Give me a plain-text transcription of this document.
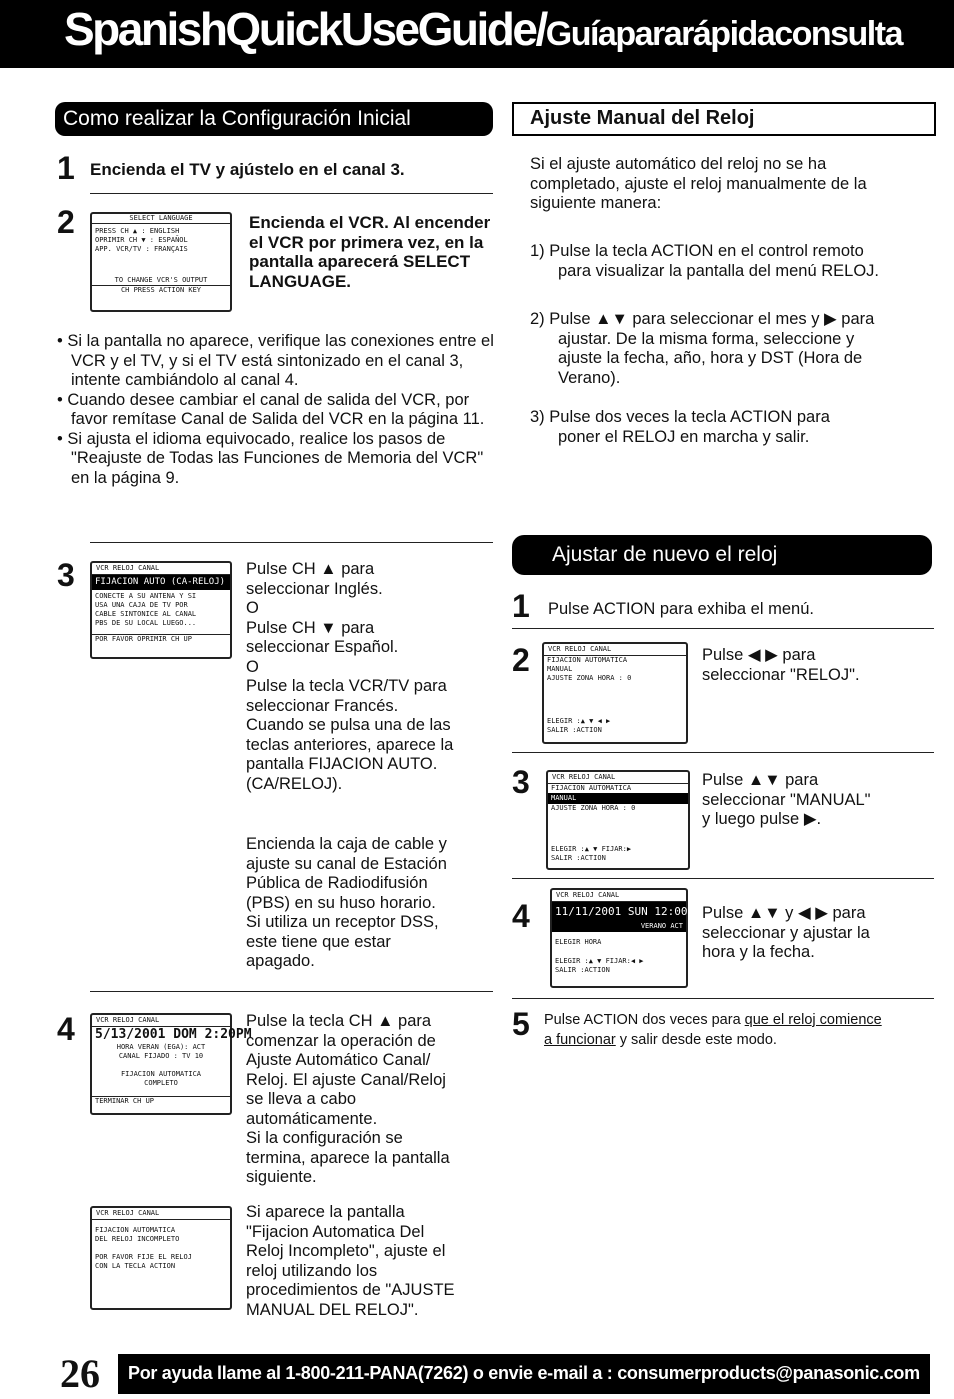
SpanishQuickUseGuide/Guíapararápidaconsulta
Como realizar la Configuración Inicial
1 Encienda el TV y ajústelo en el canal 3.
2	SELECT LANGUAGE
PRESS CH ▲ : ENGLISH
OPRIMIR CH ▼ : ESPAÑOL
APP. VCR/TV : FRANÇAIS
TO CHANGE VCR'S OUTPUT
CH PRESS ACTION KEY
Encienda el VCR. Al encender el VCR por primera vez, en la pantalla aparecerá SELECT LANGUAGE.

• Si la pantalla no aparece, verifique las conexiones entre el VCR y el TV, y si el TV está sintonizado en el canal 3, intente cambiándolo al canal 4.

• Cuando desee cambiar el canal de salida del VCR, por favor remítase Canal de Salida del VCR en la página 11.

• Si ajusta el idioma equivocado, realice los pasos de "Reajuste de Todas las Funciones de Memoria del VCR" en la página 9.

3	VCR RELOJ CANAL
FIJACION AUTO (CA-RELOJ)
CONECTE A SU ANTENA Y SI
USA UNA CAJA DE TV POR
CABLE SINTONICE AL CANAL
PBS DE SU LOCAL LUEGO...
POR FAVOR OPRIMIR CH UP

Pulse CH ▲ para

seleccionar Inglés.

O

Pulse CH ▼ para

seleccionar Español.

O

Pulse la tecla VCR/TV para

seleccionar Francés.

Cuando se pulsa una de las

teclas anteriores, aparece la

pantalla FIJACION AUTO.

(CA/RELOJ).

Encienda la caja de cable y

ajuste su canal de Estación

Pública de Radiodifusión

(PBS) en su huso horario.

Si utiliza un receptor DSS,

este tiene que estar

apagado.

4	VCR RELOJ CANAL
5/13/2001 DOM 2:20PM
HORA VERAN (EGA): ACT
CANAL FIJADO : TV 10
FIJACION AUTOMATICA
COMPLETO
TERMINAR CH UP

Pulse la tecla CH ▲ para

comenzar la operación de

Ajuste Automático Canal/

Reloj. El ajuste Canal/Reloj

se lleva a cabo

automáticamente.

Si la configuración se

termina, aparece la pantalla

siguiente.

VCR RELOJ CANAL
FIJACION AUTOMATICA
DEL RELOJ INCOMPLETO
POR FAVOR FIJE EL RELOJ
CON LA TECLA ACTION

Si aparece la pantalla

"Fijacion Automatica Del

Reloj Incompleto", ajuste el

reloj utilizando los

procedimientos de "AJUSTE

MANUAL DEL RELOJ".

Ajuste Manual del Reloj

Si el ajuste automático del reloj no se ha

completado, ajuste el reloj manualmente de la

siguiente manera:

1) Pulse la tecla ACTION en el control remoto

para visualizar la pantalla del menú RELOJ.

2) Pulse ▲▼ para seleccionar el mes y ▶ para

ajustar. De la misma forma, seleccione y

ajuste la fecha, año, hora y DST (Hora de

Verano).

3) Pulse dos veces la tecla ACTION para

poner el RELOJ en marcha y salir.

Ajustar de nuevo el reloj
1 Pulse ACTION para exhiba el menú.
2	VCR RELOJ CANAL
FIJACION AUTOMATICA
MANUAL
AJUSTE ZONA HORA : 0
ELEGIR :▲ ▼ ◀ ▶
SALIR :ACTION

Pulse ◀ ▶ para

seleccionar "RELOJ".

3	VCR RELOJ CANAL
FIJACION AUTOMATICA
MANUAL
AJUSTE ZONA HORA : 0
ELEGIR :▲ ▼ FIJAR:▶
SALIR :ACTION

Pulse ▲▼ para

seleccionar "MANUAL"

y luego pulse ▶.

4
VCR RELOJ CANAL
11/11/2001 SUN 12:00PM
VERANO ACT
ELEGIR HORA
ELEGIR :▲ ▼ FIJAR:◀ ▶
SALIR :ACTION

Pulse ▲▼ y ◀ ▶ para

seleccionar y ajustar la

hora y la fecha.

5 Pulse ACTION dos veces para que el reloj comience

a funcionar y salir desde este modo.

26 Por ayuda llame al 1-800-211-PANA(7262) o envie e-mail a : consumerproducts@panasonic.com
